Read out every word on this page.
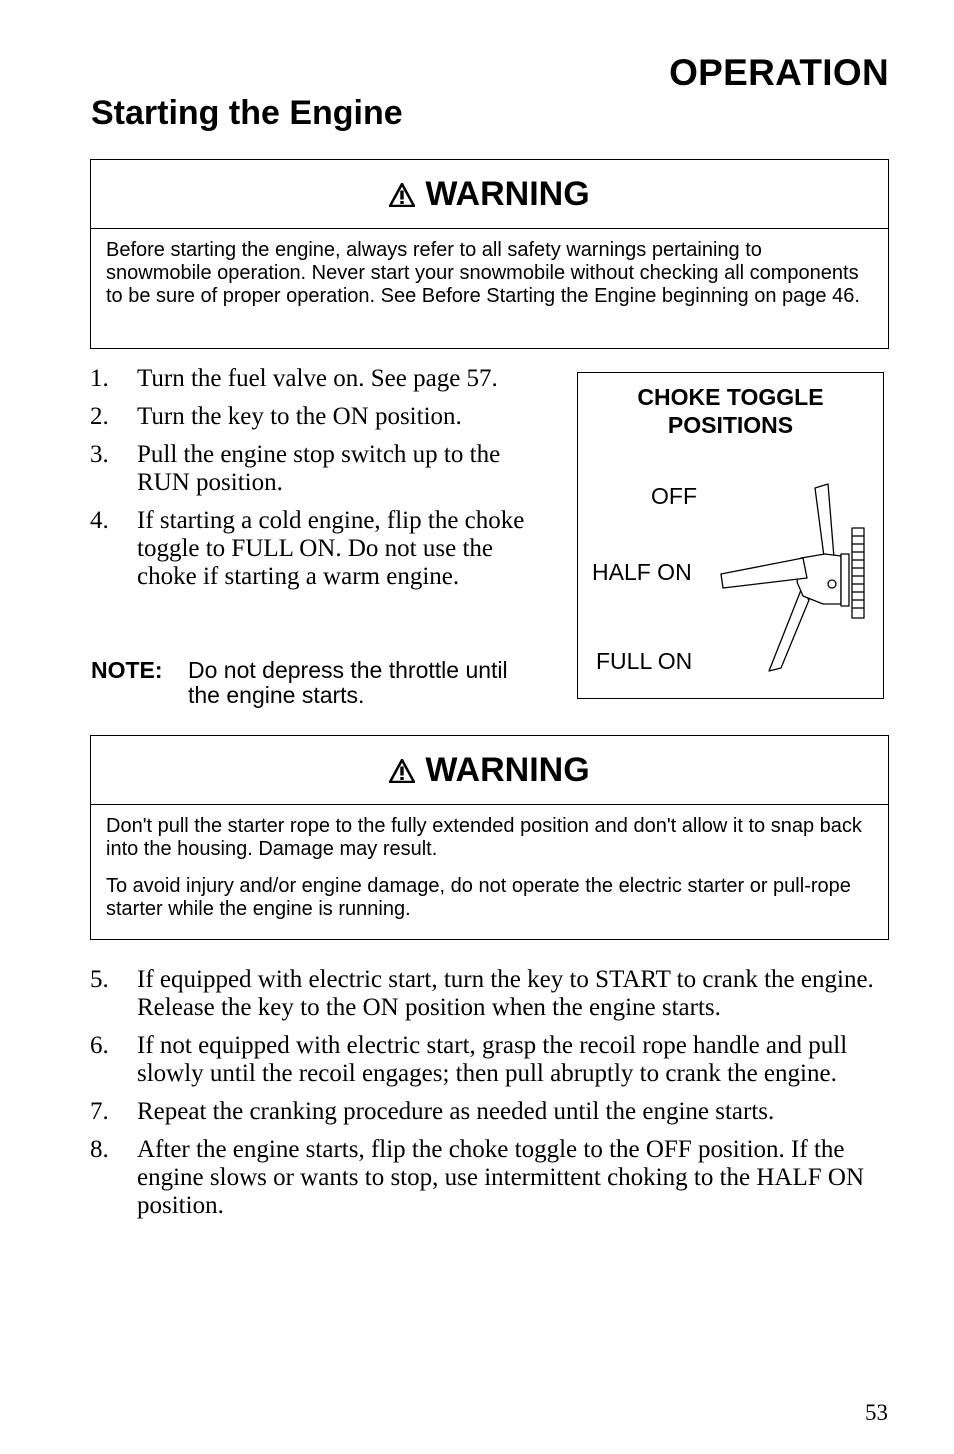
OPERATION
Starting the Engine
WARNING

Before starting the engine, always refer to all safety warnings pertaining to snowmobile operation. Never start your snowmobile without checking all components to be sure of proper operation. See Before Starting the Engine beginning on page 46.

1. Turn the fuel valve on. See page 57.
2. Turn the key to the ON position.
3. Pull the engine stop switch up to the RUN position.
4. If starting a cold engine, flip the choke toggle to FULL ON. Do not use the choke if starting a warm engine.
NOTE: Do not depress the throttle until the engine starts.
CHOKE TOGGLE POSITIONS
OFF
HALF ON
FULL ON
WARNING

Don't pull the starter rope to the fully extended position and don't allow it to snap back into the housing. Damage may result.

To avoid injury and/or engine damage, do not operate the electric starter or pull-rope starter while the engine is running.

5. If equipped with electric start, turn the key to START to crank the engine. Release the key to the ON position when the engine starts.
6. If not equipped with electric start, grasp the recoil rope handle and pull slowly until the recoil engages; then pull abruptly to crank the engine.
7. Repeat the cranking procedure as needed until the engine starts.
8. After the engine starts, flip the choke toggle to the OFF position. If the engine slows or wants to stop, use intermittent choking to the HALF ON position.
53
